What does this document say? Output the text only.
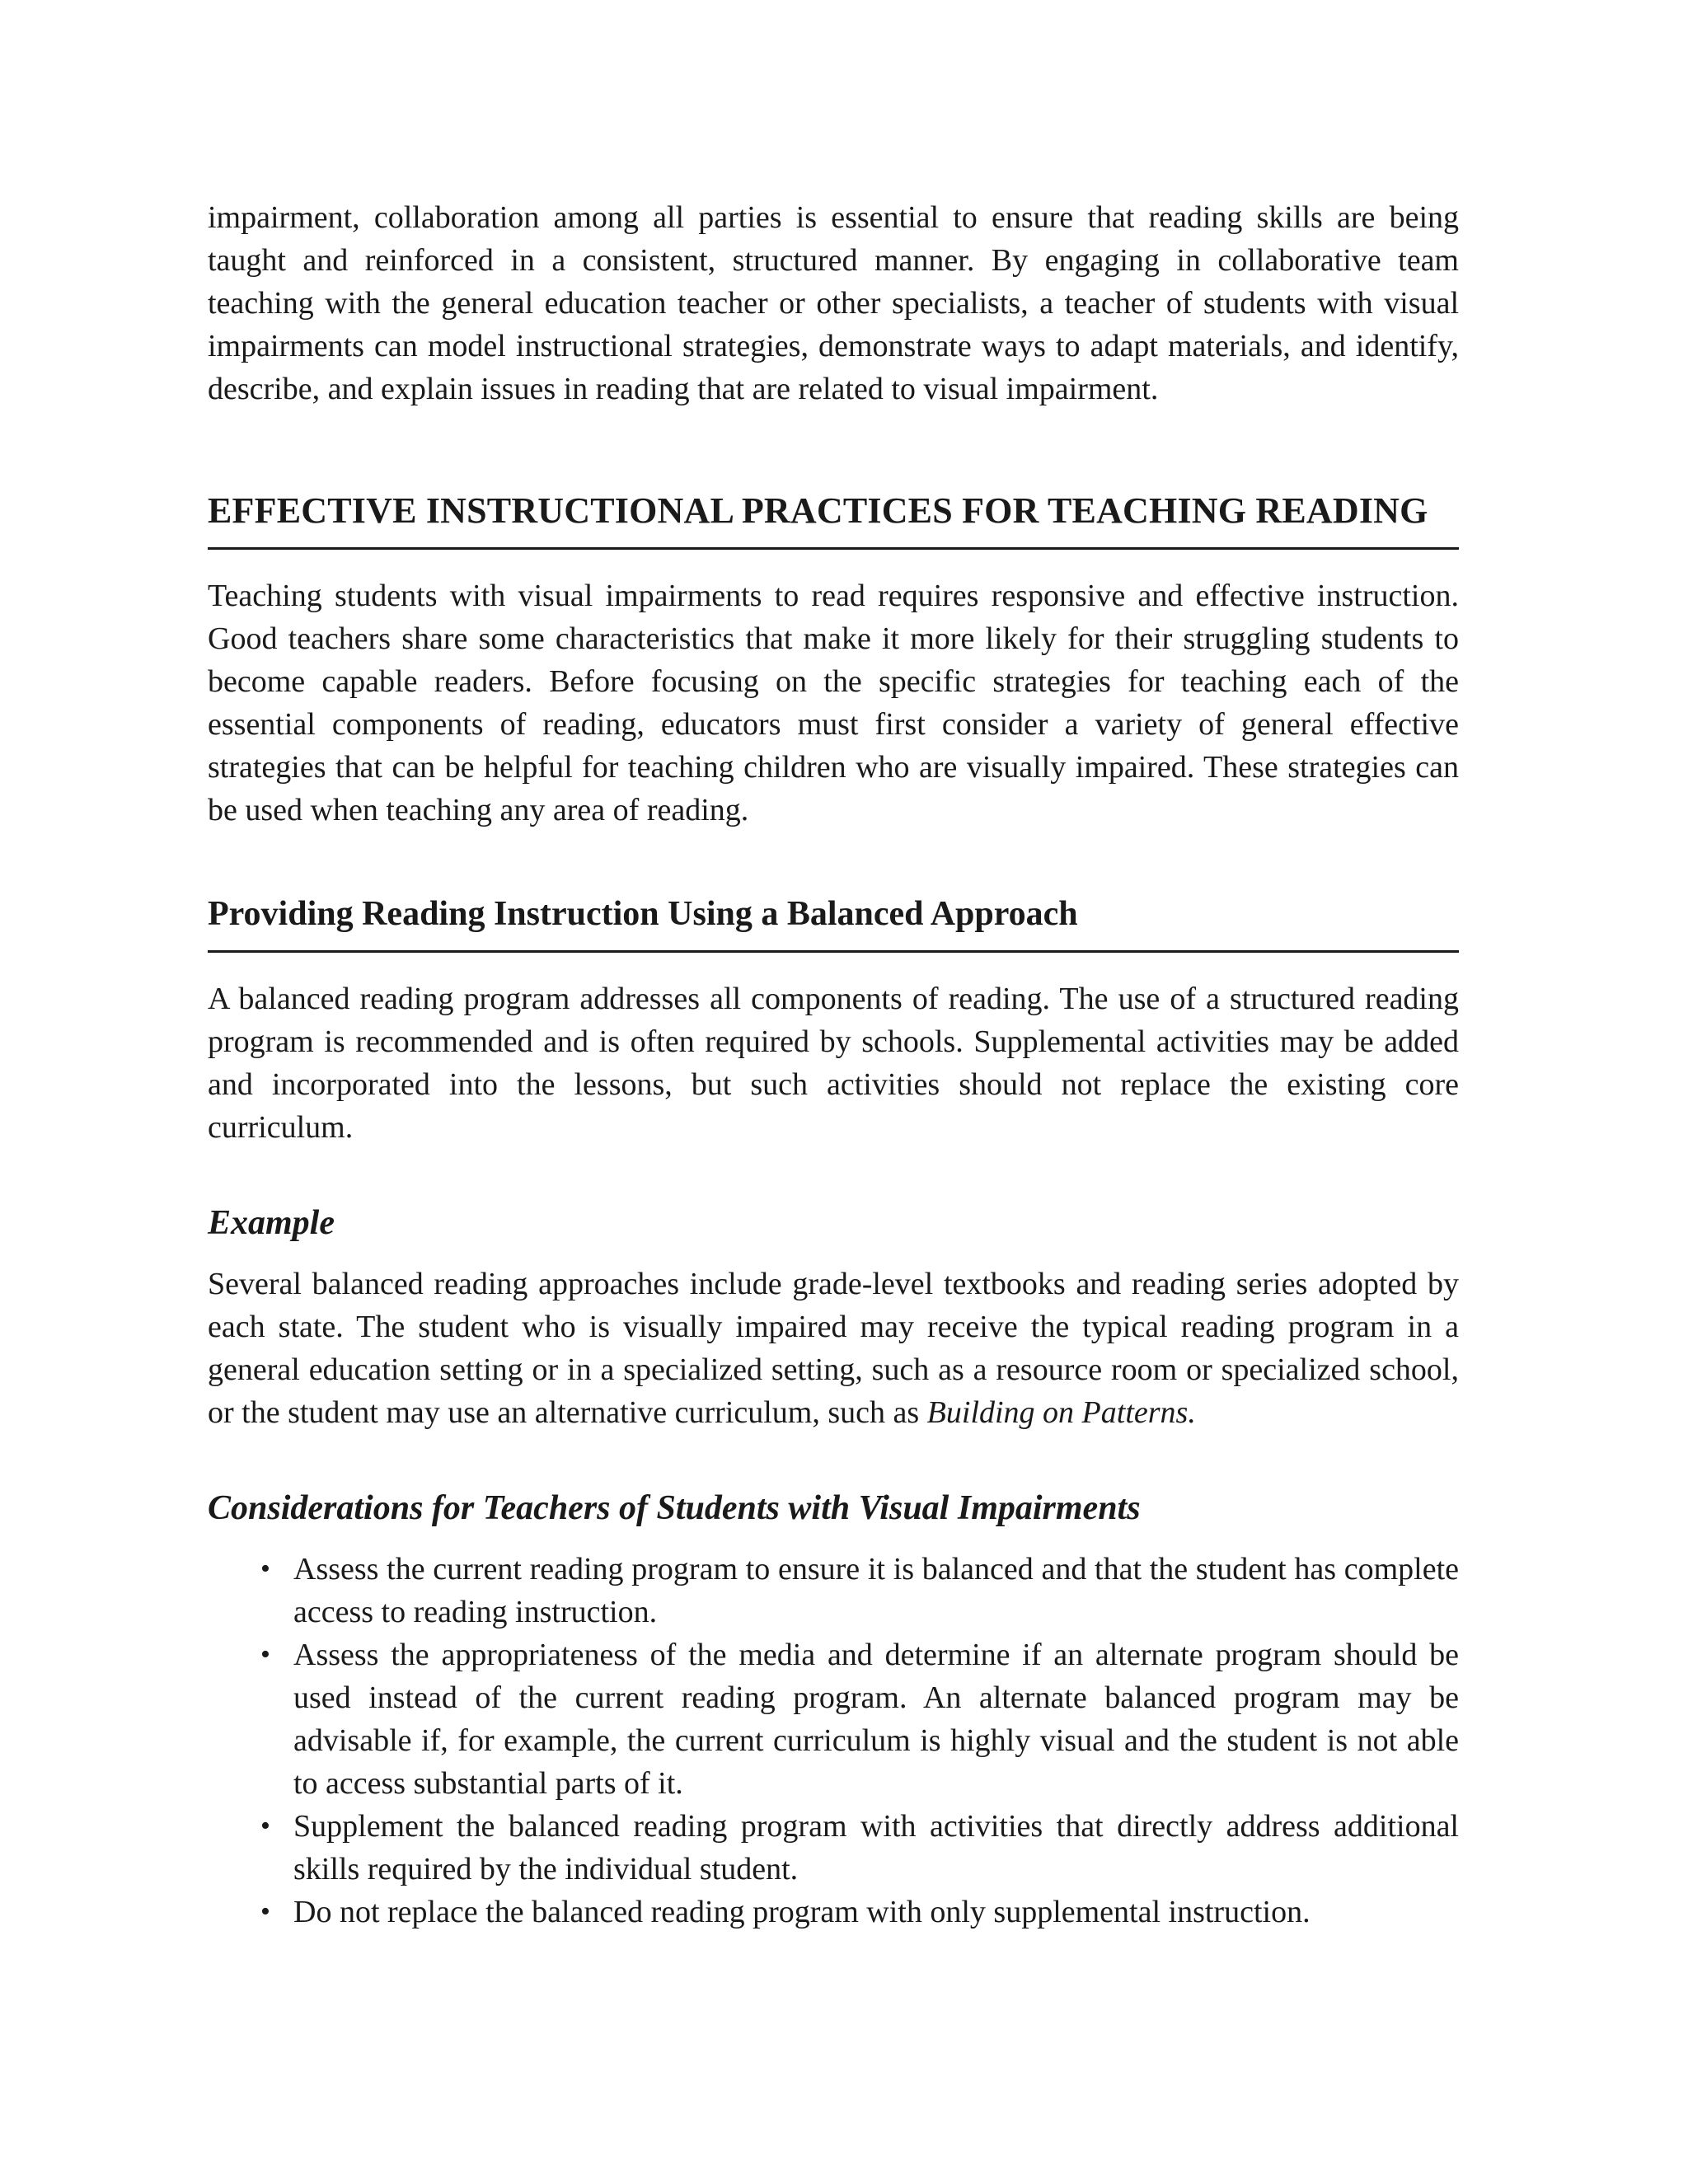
impairment, collaboration among all parties is essential to ensure that reading skills are being taught and reinforced in a consistent, structured manner. By engaging in collaborative team teaching with the general education teacher or other specialists, a teacher of students with visual impairments can model instructional strategies, demonstrate ways to adapt materials, and identify, describe, and explain issues in reading that are related to visual impairment.

EFFECTIVE INSTRUCTIONAL PRACTICES FOR TEACHING READING

Teaching students with visual impairments to read requires responsive and effective instruction. Good teachers share some characteristics that make it more likely for their struggling students to become capable readers. Before focusing on the specific strategies for teaching each of the essential components of reading, educators must first consider a variety of general effective strategies that can be helpful for teaching children who are visually impaired. These strategies can be used when teaching any area of reading.

Providing Reading Instruction Using a Balanced Approach

A balanced reading program addresses all components of reading. The use of a structured reading program is recommended and is often required by schools. Supplemental activities may be added and incorporated into the lessons, but such activities should not replace the existing core curriculum.

Example

Several balanced reading approaches include grade-level textbooks and reading series adopted by each state. The student who is visually impaired may receive the typical reading program in a general education setting or in a specialized setting, such as a resource room or specialized school, or the student may use an alternative curriculum, such as Building on Patterns.

Considerations for Teachers of Students with Visual Impairments
• Assess the current reading program to ensure it is balanced and that the student has complete access to reading instruction.
• Assess the appropriateness of the media and determine if an alternate program should be used instead of the current reading program. An alternate balanced program may be advisable if, for example, the current curriculum is highly visual and the student is not able to access substantial parts of it.
• Supplement the balanced reading program with activities that directly address additional skills required by the individual student.
• Do not replace the balanced reading program with only supplemental instruction.
